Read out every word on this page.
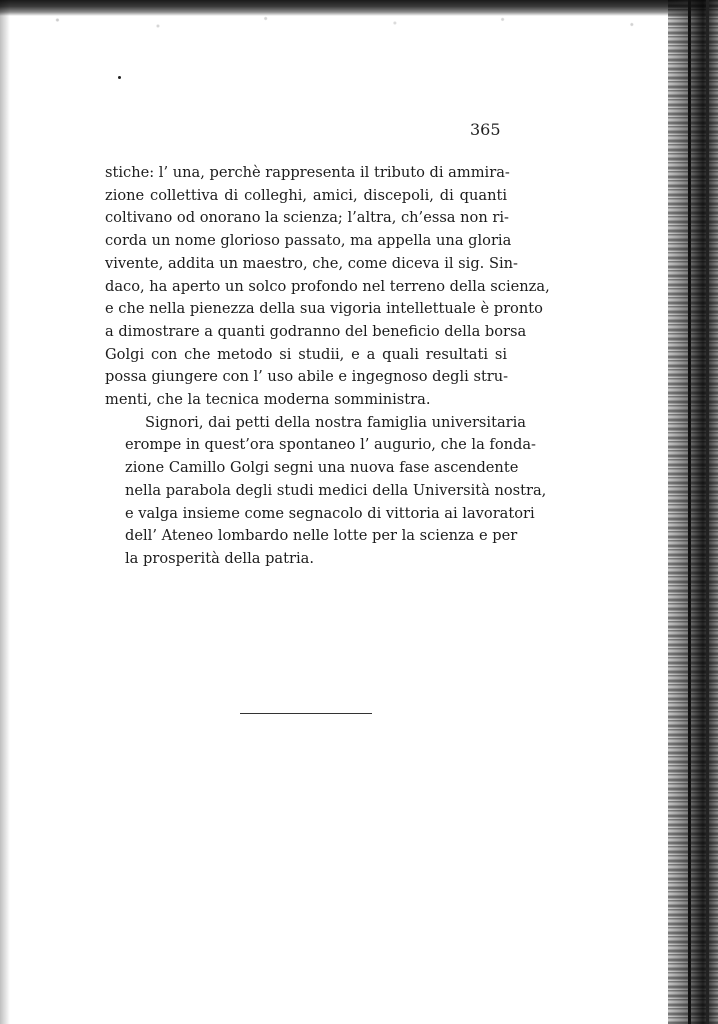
365

stiche: l’ una, perchè rappresenta il tributo di ammira-
zione collettiva di colleghi, amici, discepoli, di quanti
coltivano od onorano la scienza; l’altra, ch’essa non ri-
corda un nome glorioso passato, ma appella una gloria
vivente, addita un maestro, che, come diceva il sig. Sin-
daco, ha aperto un solco profondo nel terreno della scienza,
e che nella pienezza della sua vigoria intellettuale è pronto
a dimostrare a quanti godranno del beneficio della borsa
Golgi con che metodo si studii, e a quali resultati si
possa giungere con l’ uso abile e ingegnoso degli stru-
menti, che la tecnica moderna somministra.

Signori, dai petti della nostra famiglia universitaria
erompe in quest’ora spontaneo l’ augurio, che la fonda-
zione Camillo Golgi segni una nuova fase ascendente
nella parabola degli studi medici della Università nostra,
e valga insieme come segnacolo di vittoria ai lavoratori
dell’ Ateneo lombardo nelle lotte per la scienza e per
la prosperità della patria.
